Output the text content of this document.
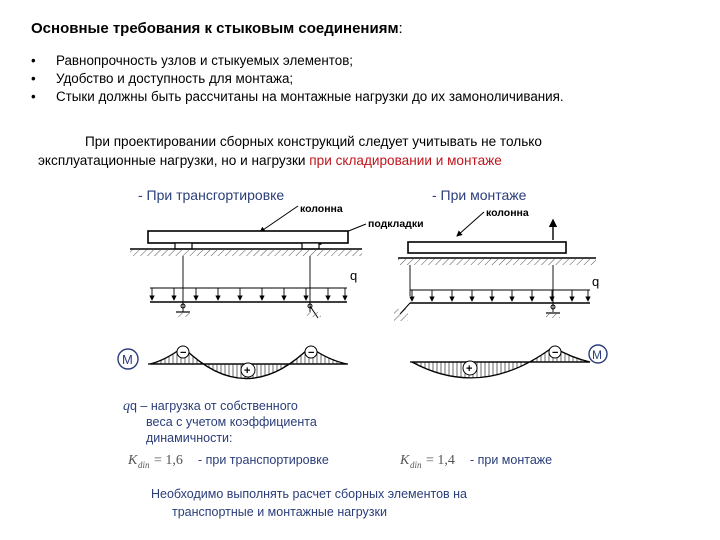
Основные требования к стыковым соединениям:
• Равнопрочность узлов и стыкуемых элементов;
• Удобство и доступность для монтажа;
• Стыки должны быть рассчитаны на монтажные нагрузки до их замоноличивания.
При проектировании сборных конструкций следует учитывать не только
эксплуатационные нагрузки, но и нагрузки при складировании и монтаже
- При трансгортировке
колонна
подкладки
q
M	−	−
+
- При монтаже
колонна
q
−
+
M
qq – нагрузка от собственного
веса с учетом коэффициента
динамичности:
K din = 1,6 - при транспортировке	K din = 1,4 - при монтаже
Необходимо выполнять расчет сборных элементов на
транспортные и монтажные нагрузки
